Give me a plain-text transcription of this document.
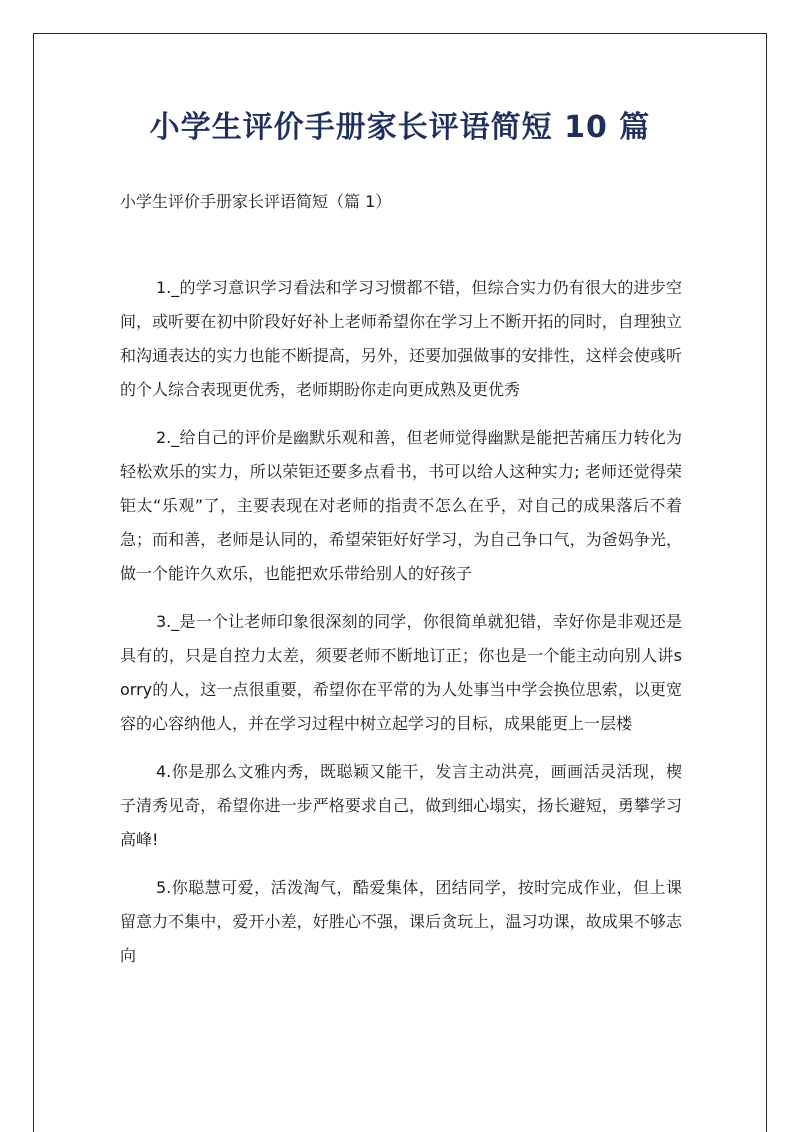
小学生评价手册家长评语简短 10 篇

小学生评价手册家长评语简短（篇 1）

1._的学习意识学习看法和学习习惯都不错，但综合实力仍有很大的进步空间，或听要在初中阶段好好补上老师希望你在学习上不断开拓的同时，自理独立和沟通表达的实力也能不断提高，另外，还要加强做事的安排性，这样会使彧听的个人综合表现更优秀，老师期盼你走向更成熟及更优秀

2._给自己的评价是幽默乐观和善，但老师觉得幽默是能把苦痛压力转化为轻松欢乐的实力，所以荣钜还要多点看书，书可以给人这种实力; 老师还觉得荣钜太“乐观”了，主要表现在对老师的指责不怎么在乎，对自己的成果落后不着急；而和善，老师是认同的，希望荣钜好好学习，为自己争口气，为爸妈争光，做一个能许久欢乐，也能把欢乐带给别人的好孩子

3._是一个让老师印象很深刻的同学，你很简单就犯错，幸好你是非观还是具有的，只是自控力太差，须要老师不断地订正；你也是一个能主动向别人讲sorry的人，这一点很重要，希望你在平常的为人处事当中学会换位思索，以更宽容的心容纳他人，并在学习过程中树立起学习的目标，成果能更上一层楼

4.你是那么文雅内秀，既聪颖又能干，发言主动洪亮，画画活灵活现，楔子清秀见奇，希望你进一步严格要求自己，做到细心塌实，扬长避短，勇攀学习高峰!

5.你聪慧可爱，活泼淘气，酷爱集体，团结同学，按时完成作业，但上课留意力不集中，爱开小差，好胜心不强，课后贪玩上，温习功课，故成果不够志向
